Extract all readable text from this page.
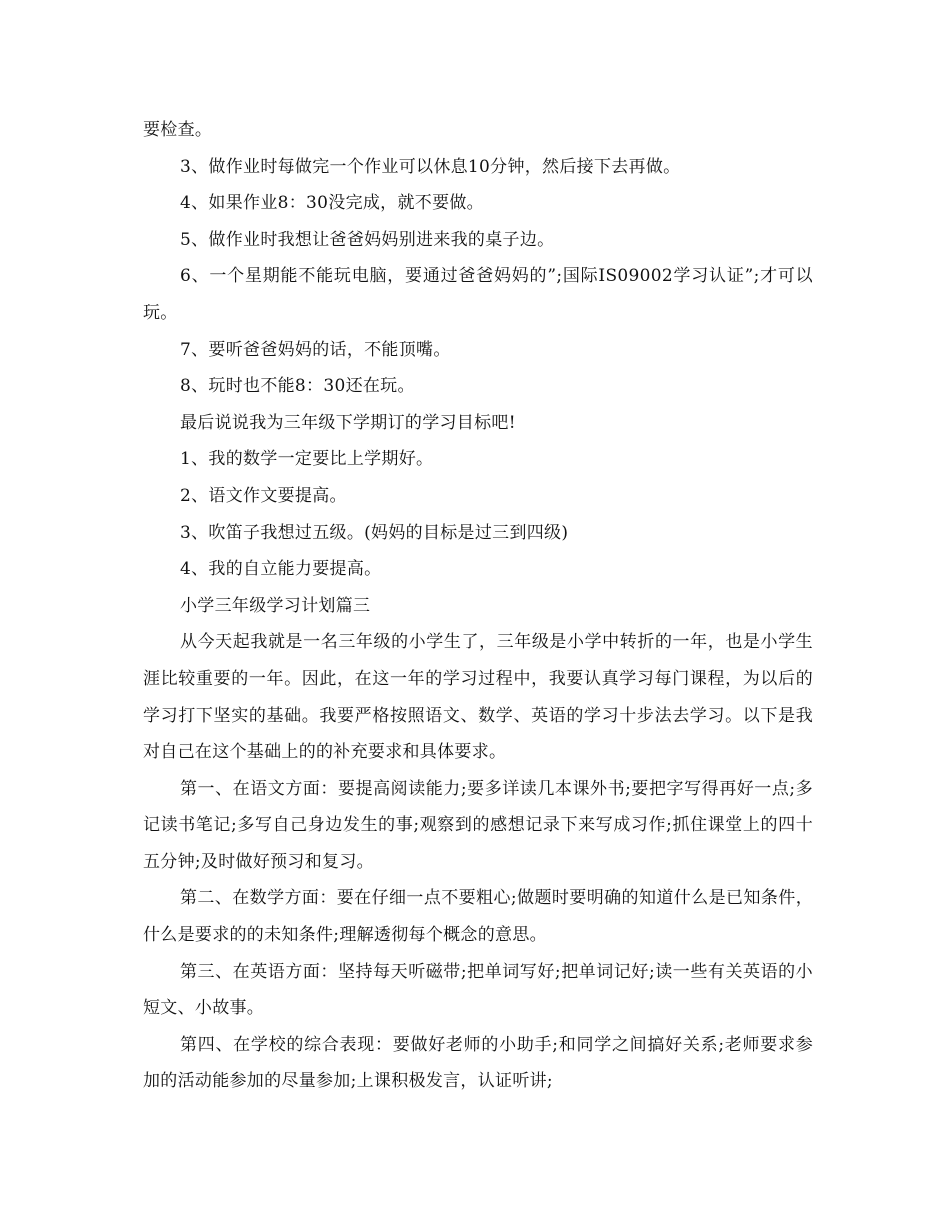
要检查。

3、做作业时每做完一个作业可以休息10分钟，然后接下去再做。

4、如果作业8：30没完成，就不要做。

5、做作业时我想让爸爸妈妈别进来我的桌子边。

6、一个星期能不能玩电脑，要通过爸爸妈妈的”;国际IS09002学习认证”;才可以玩。

7、要听爸爸妈妈的话，不能顶嘴。

8、玩时也不能8：30还在玩。

最后说说我为三年级下学期订的学习目标吧!

1、我的数学一定要比上学期好。

2、语文作文要提高。

3、吹笛子我想过五级。(妈妈的目标是过三到四级)

4、我的自立能力要提高。

小学三年级学习计划篇三

从今天起我就是一名三年级的小学生了，三年级是小学中转折的一年，也是小学生涯比较重要的一年。因此，在这一年的学习过程中，我要认真学习每门课程，为以后的学习打下坚实的基础。我要严格按照语文、数学、英语的学习十步法去学习。以下是我对自己在这个基础上的的补充要求和具体要求。

第一、在语文方面：要提高阅读能力;要多详读几本课外书;要把字写得再好一点;多记读书笔记;多写自己身边发生的事;观察到的感想记录下来写成习作;抓住课堂上的四十五分钟;及时做好预习和复习。

第二、在数学方面：要在仔细一点不要粗心;做题时要明确的知道什么是已知条件，什么是要求的的未知条件;理解透彻每个概念的意思。

第三、在英语方面：坚持每天听磁带;把单词写好;把单词记好;读一些有关英语的小短文、小故事。

第四、在学校的综合表现：要做好老师的小助手;和同学之间搞好关系;老师要求参加的活动能参加的尽量参加;上课积极发言，认证听讲;
